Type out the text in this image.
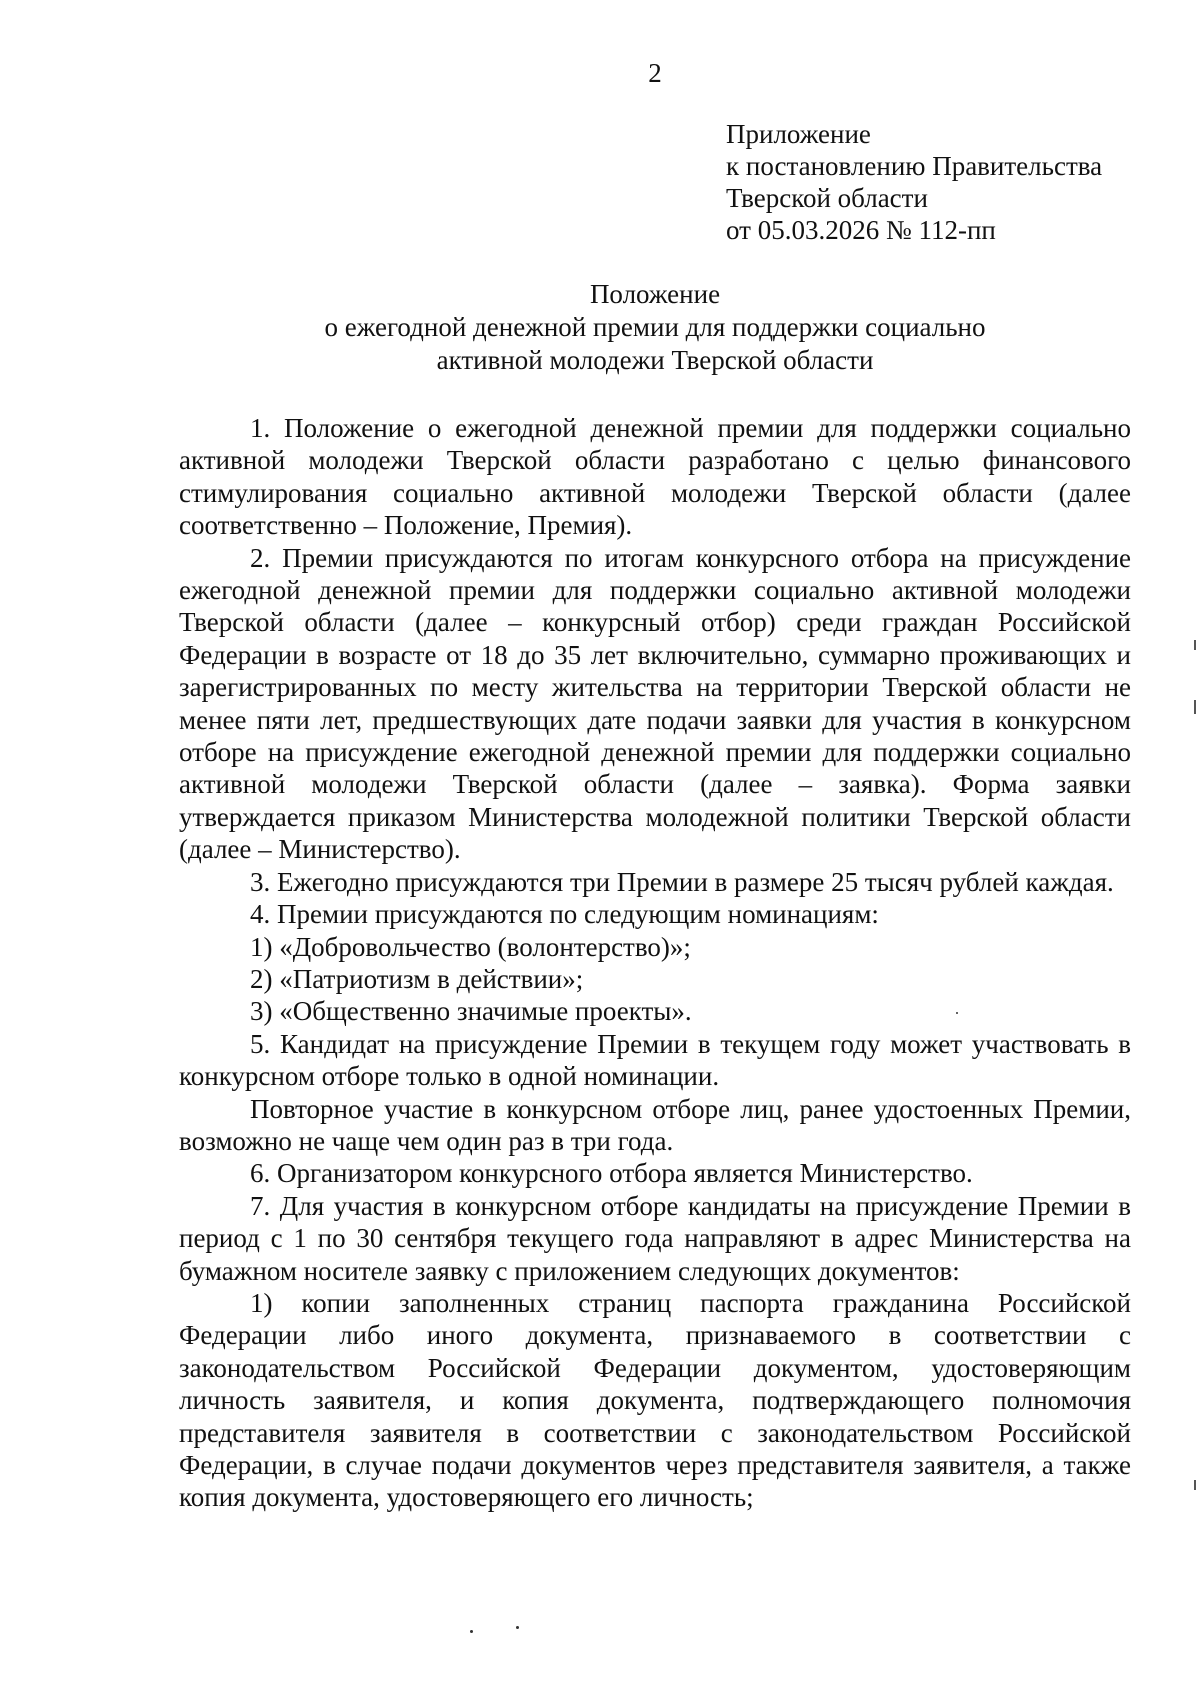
2
Приложение
к постановлению Правительства
Тверской области
от 05.03.2026 № 112-пп
Положение
о ежегодной денежной премии для поддержки социально
активной молодежи Тверской области

1. Положение о ежегодной денежной премии для поддержки социально активной молодежи Тверской области разработано с целью финансового стимулирования социально активной молодежи Тверской области (далее соответственно – Положение, Премия).

2. Премии присуждаются по итогам конкурсного отбора на присуждение ежегодной денежной премии для поддержки социально активной молодежи Тверской области (далее – конкурсный отбор) среди граждан Российской Федерации в возрасте от 18 до 35 лет включительно, суммарно проживающих и зарегистрированных по месту жительства на территории Тверской области не менее пяти лет, предшествующих дате подачи заявки для участия в конкурсном отборе на присуждение ежегодной денежной премии для поддержки социально активной молодежи Тверской области (далее – заявка). Форма заявки утверждается приказом Министерства молодежной политики Тверской области (далее – Министерство).

3. Ежегодно присуждаются три Премии в размере 25 тысяч рублей каждая.

4. Премии присуждаются по следующим номинациям:

1) «Добровольчество (волонтерство)»;

2) «Патриотизм в действии»;

3) «Общественно значимые проекты».

5. Кандидат на присуждение Премии в текущем году может участвовать в конкурсном отборе только в одной номинации.

Повторное участие в конкурсном отборе лиц, ранее удостоенных Премии, возможно не чаще чем один раз в три года.

6. Организатором конкурсного отбора является Министерство.

7. Для участия в конкурсном отборе кандидаты на присуждение Премии в период с 1 по 30 сентября текущего года направляют в адрес Министерства на бумажном носителе заявку с приложением следующих документов:

1) копии заполненных страниц паспорта гражданина Российской Федерации либо иного документа, признаваемого в соответствии с законодательством Российской Федерации документом, удостоверяющим личность заявителя, и копия документа, подтверждающего полномочия представителя заявителя в соответствии с законодательством Российской Федерации, в случае подачи документов через представителя заявителя, а также копия документа, удостоверяющего его личность;
